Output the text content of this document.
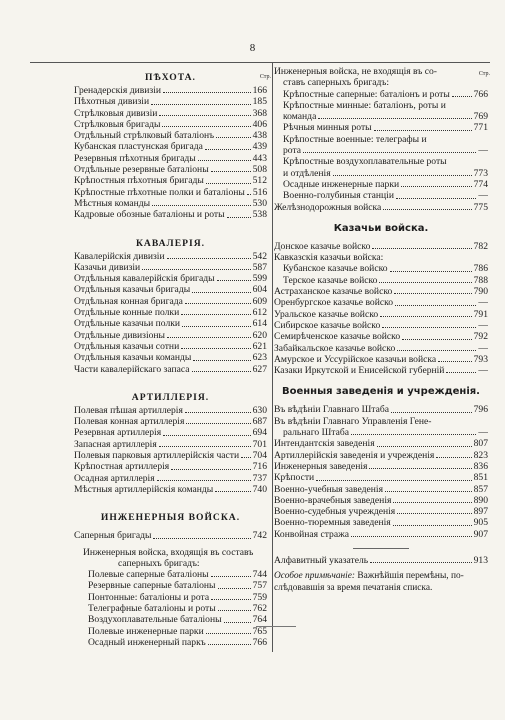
8
ПѢХОТА.	Стр.
Гренадерскія дивизіи	166
Пѣхотныя дивизіи	185
Стрѣлковыя дивизіи	368
Стрѣлковыя бригады	406
Отдѣльный стрѣлковый баталіонъ	438
Кубанская пластунская бригада	439
Резервныя пѣхотныя бригады	443
Отдѣльные резервные баталіоны	508
Крѣпостныя пѣхотныя бригады	512
Крѣпостные пѣхотные полки и баталіоны 516
Мѣстныя команды	530
Кадровые обозные баталіоны и роты	538
КАВАЛЕРІЯ.
Кавалерійскія дивизіи	542
Казачьи дивизіи	587
Отдѣльныя кавалерійскія бригады	599
Отдѣльныя казачьи бригады	604
Отдѣльная конная бригада	609
Отдѣльные конные полки	612
Отдѣльные казачьи полки	614
Отдѣльные дивизіоны	620
Отдѣльныя казачьи сотни	621
Отдѣльныя казачьи команды	623
Части кавалерійскаго запаса	627
АРТИЛЛЕРІЯ.
Полевая пѣшая артиллерія	630
Полевая конная артиллерія	687
Резервная артиллерія	694
Запасная артиллерія	701
Полевыя парковыя артиллерійскія части 704
Крѣпостная артиллерія	716
Осадная артиллерія	737
Мѣстныя артиллерійскія команды	740
ИНЖЕНЕРНЫЯ ВОЙСКА.
Саперныя бригады	742
Инженерныя войска, входящія въ составъ
саперныхъ бригадъ:
Полевые саперные баталіоны	744
Резервные саперные баталіоны	757
Понтонные: баталіоны и рота	759
Телеграфные баталіоны и роты	762
Воздухоплавательные баталіоны	764
Полевые инженерные парки	765
Осадный инженерный паркъ	766
Инженерныя войска, не входящія въ со-	Стр.
ставъ саперныхъ бригадъ:
Крѣпостные саперные: баталіонъ и роты 766
Крѣпостные минные: баталіонъ, роты и
команда	769
Рѣчныя минныя роты	771
Крѣпостные военные: телеграфы и
рота	—
Крѣпостные воздухоплавательные роты
и отдѣленія	773
Осадные инженерные парки	774
Военно-голубиныя станціи	—
Желѣзнодорожныя войска	775
Казачьи войска.
Донское казачье войско	782
Кавказскія казачьи войска:
Кубанское казачье войско	786
Терское казачье войско	788
Астраханское казачье войско	790
Оренбургское казачье войско	—
Уральское казачье войско	791
Сибирское казачье войско	—
Семирѣченское казачье войско	792
Забайкальское казачье войско	—
Амурское и Уссурійское казачьи войска	793
Казаки Иркутской и Енисейской губерній	—
Военныя заведенія и учрежденія.
Въ вѣдѣніи Главнаго Штаба	796
Въ вѣдѣніи Главнаго Управленія Гене-
ральнаго Штаба	—
Интендантскія заведенія	807
Артиллерійскія заведенія и учрежденія	823
Инженерныя заведенія	836
Крѣпости	851
Военно-учебныя заведенія	857
Военно-врачебныя заведенія	890
Военно-судебныя учрежденія	897
Военно-тюремныя заведенія	905
Конвойная стража	907
Алфавитный указатель	913
Особое примѣчаніе: Важнѣйшія перемѣны, по-
слѣдовавшія за время печатанія списка.
